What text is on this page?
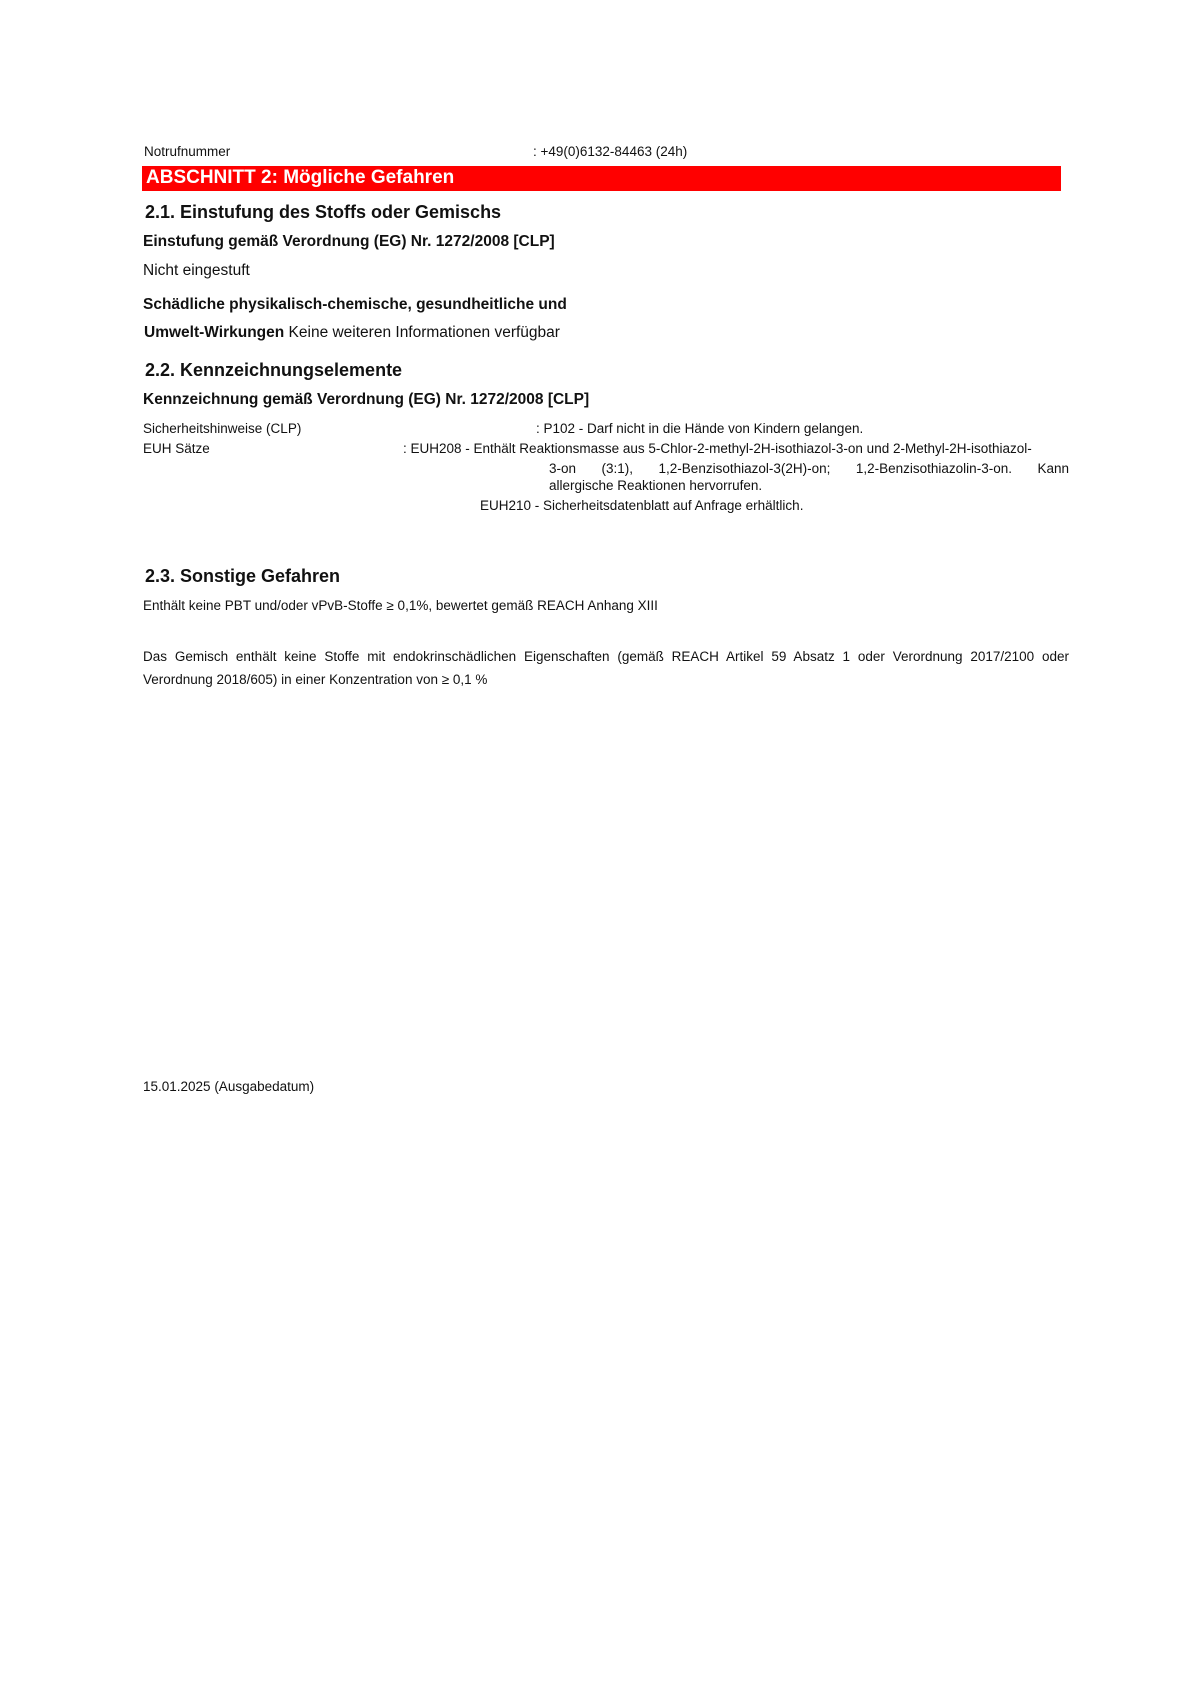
Notrufnummer	: +49(0)6132-84463 (24h)
ABSCHNITT 2: Mögliche Gefahren
2.1. Einstufung des Stoffs oder Gemischs
Einstufung gemäß Verordnung (EG) Nr. 1272/2008 [CLP]
Nicht eingestuft
Schädliche physikalisch-chemische, gesundheitliche und
Umwelt-Wirkungen Keine weiteren Informationen verfügbar
2.2. Kennzeichnungselemente
Kennzeichnung gemäß Verordnung (EG) Nr. 1272/2008 [CLP]
Sicherheitshinweise (CLP)	: P102 - Darf nicht in die Hände von Kindern gelangen.
EUH Sätze	: EUH208 - Enthält Reaktionsmasse aus 5-Chlor-2-methyl-2H-isothiazol-3-on und 2-Methyl-2H-isothiazol-
3-on (3:1), 1,2-Benzisothiazol-3(2H)-on; 1,2-Benzisothiazolin-3-on. Kann
allergische Reaktionen hervorrufen.
EUH210 - Sicherheitsdatenblatt auf Anfrage erhältlich.
2.3. Sonstige Gefahren
Enthält keine PBT und/oder vPvB-Stoffe ≥ 0,1%, bewertet gemäß REACH Anhang XIII
Das Gemisch enthält keine Stoffe mit endokrinschädlichen Eigenschaften (gemäß REACH Artikel 59 Absatz 1 oder Verordnung 2017/2100 oder Verordnung 2018/605) in einer Konzentration von ≥ 0,1 %
15.01.2025 (Ausgabedatum)
